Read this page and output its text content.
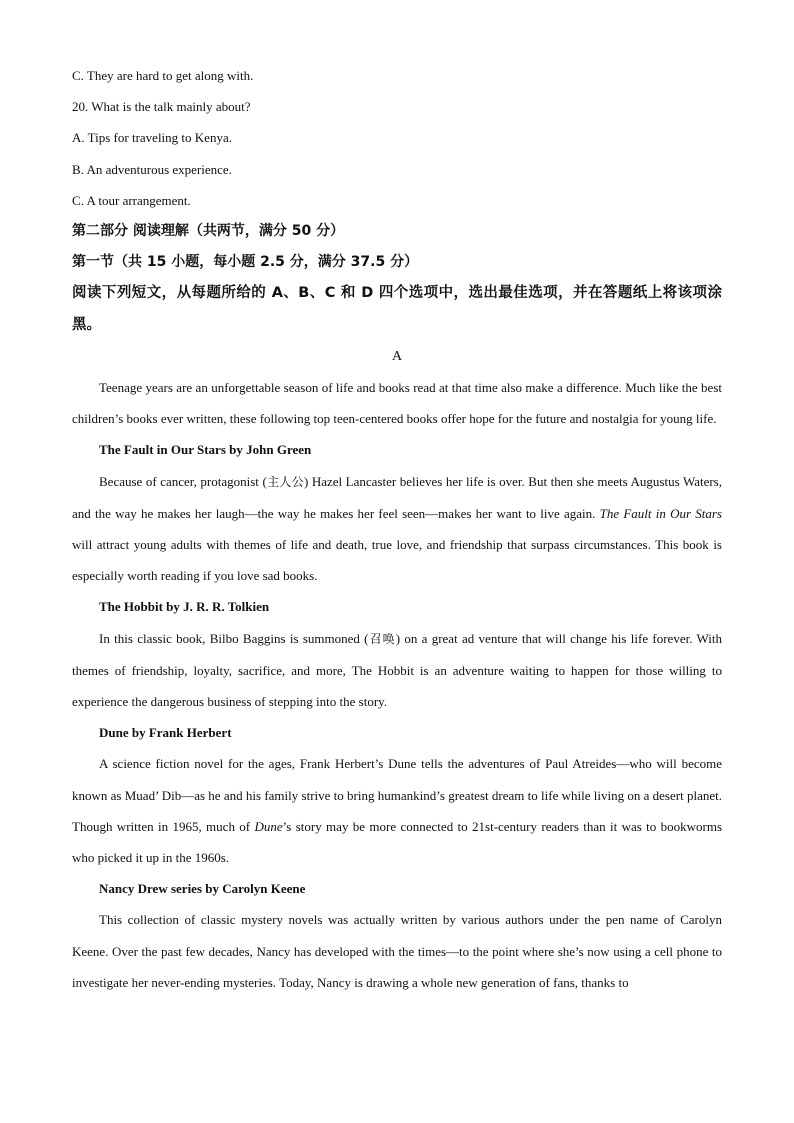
C. They are hard to get along with.

20. What is the talk mainly about?

A. Tips for traveling to Kenya.

B. An adventurous experience.

C. A tour arrangement.

第二部分 阅读理解（共两节，满分 50 分）

第一节（共 15 小题，每小题 2.5 分，满分 37.5 分）

阅读下列短文，从每题所给的 A、B、C 和 D 四个选项中，选出最佳选项，并在答题纸上将该项涂黑。

A

Teenage years are an unforgettable season of life and books read at that time also make a difference. Much like the best children’s books ever written, these following top teen-centered books offer hope for the future and nostalgia for young life.

The Fault in Our Stars by John Green

Because of cancer, protagonist (主人公) Hazel Lancaster believes her life is over. But then she meets Augustus Waters, and the way he makes her laugh—the way he makes her feel seen—makes her want to live again. The Fault in Our Stars will attract young adults with themes of life and death, true love, and friendship that surpass circumstances. This book is especially worth reading if you love sad books.

The Hobbit by J. R. R. Tolkien

In this classic book, Bilbo Baggins is summoned (召唤) on a great ad venture that will change his life forever. With themes of friendship, loyalty, sacrifice, and more, The Hobbit is an adventure waiting to happen for those willing to experience the dangerous business of stepping into the story.

Dune by Frank Herbert

A science fiction novel for the ages, Frank Herbert’s Dune tells the adventures of Paul Atreides—who will become known as Muad’ Dib—as he and his family strive to bring humankind’s greatest dream to life while living on a desert planet. Though written in 1965, much of Dune’s story may be more connected to 21st-century readers than it was to bookworms who picked it up in the 1960s.

Nancy Drew series by Carolyn Keene

This collection of classic mystery novels was actually written by various authors under the pen name of Carolyn Keene. Over the past few decades, Nancy has developed with the times—to the point where she’s now using a cell phone to investigate her never-ending mysteries. Today, Nancy is drawing a whole new generation of fans, thanks to
